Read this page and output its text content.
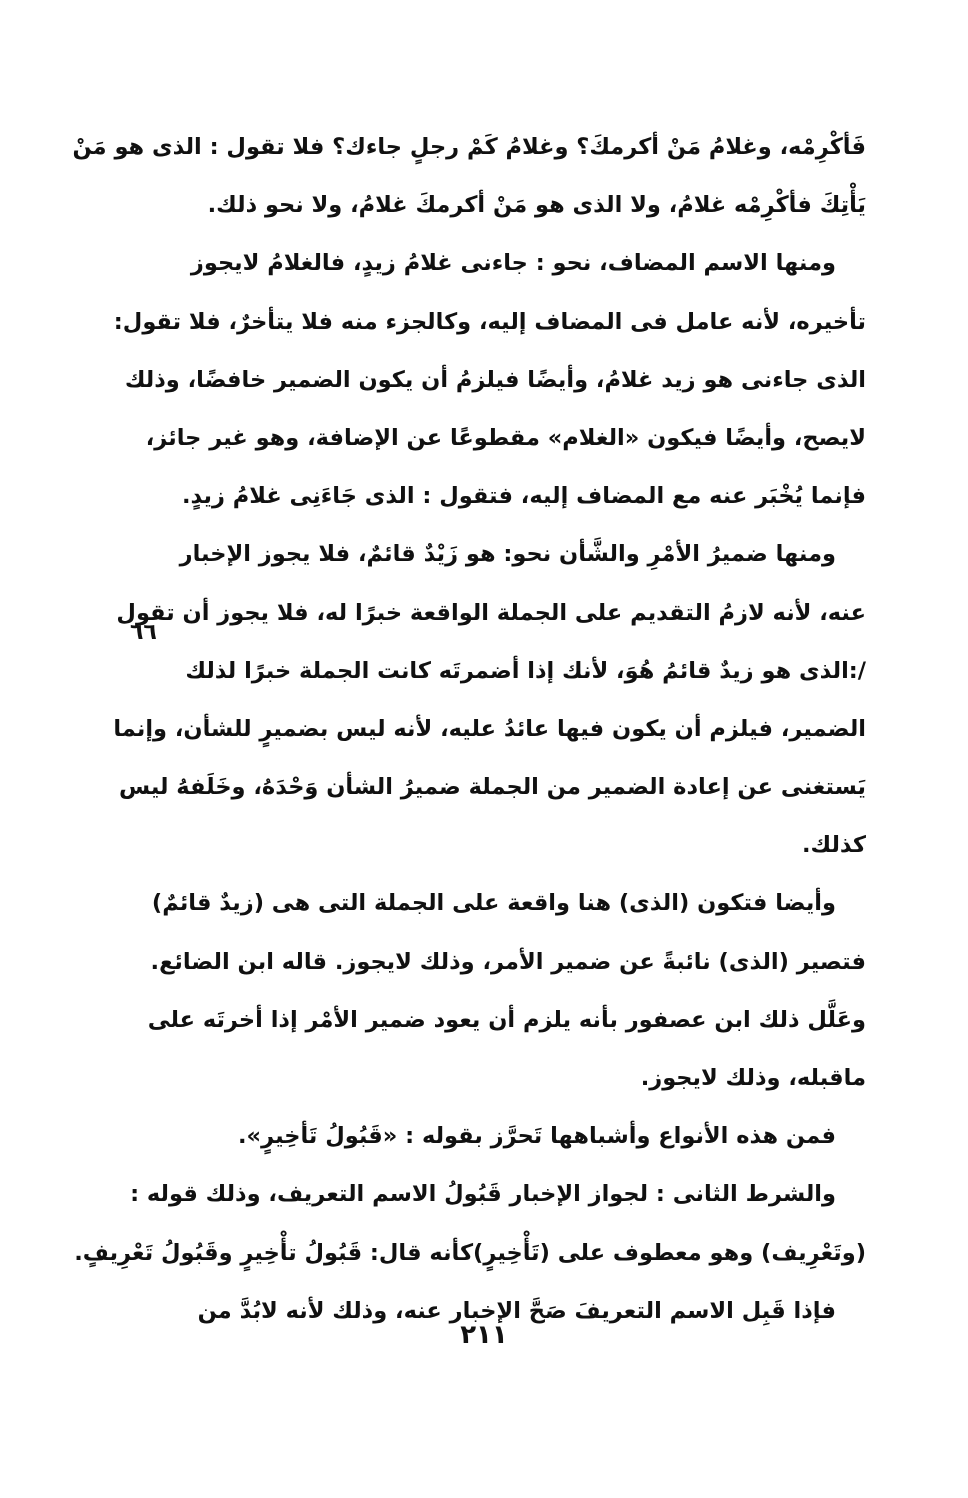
فَأكْرِمْه، وغلامُ مَنْ أكرمكَ؟ وغلامُ كَمْ رجلٍ جاءك؟ فلا تقول : الذى هو مَنْ
يَأْتِكَ فأكْرِمْه غلامُ، ولا الذى هو مَنْ أكرمكَ غلامُ، ولا نحو ذلك.
ومنها الاسم المضاف، نحو : جاءنى غلامُ زيدٍ، فالغلامُ لايجوز
تأخيره، لأنه عامل فى المضاف إليه، وكالجزء منه فلا يتأخرٌ، فلا تقول:
الذى جاءنى هو زيد غلامُ، وأيضًا فيلزمُ أن يكون الضمير خافضًا، وذلك
لايصح، وأيضًا فيكون «الغلام» مقطوعًا عن الإضافة، وهو غير جائز،
فإنما يُخْبَر عنه مع المضاف إليه، فتقول : الذى جَاءَنِى غلامُ زيدٍ.
ومنها ضميرُ الأمْرِ والشَّأن نحو: هو زَيْدٌ قائمٌ، فلا يجوز الإخبار
عنه، لأنه لازمُ التقديم على الجملة الواقعة خبرًا له، فلا يجوز أن تقول
/:الذى هو زيدٌ قائمُ هُوَ، لأنك إذا أضمرتَه كانت الجملة خبرًا لذلك
الضمير، فيلزم أن يكون فيها عائدُ عليه، لأنه ليس بضميرٍ للشأن، وإنما
يَستغنى عن إعادة الضمير من الجملة ضميرُ الشأن وَحْدَهُ، وخَلَفهُ ليس
كذلك.
وأيضا فتكون (الذى) هنا واقعة على الجملة التى هى (زيدٌ قائمٌ)
فتصير (الذى) نائبةً عن ضمير الأمر، وذلك لايجوز. قاله ابن الضائع.
وعَلَّل ذلك ابن عصفور بأنه يلزم أن يعود ضمير الأمْر إذا أخرتَه على
ماقبله، وذلك لايجوز.
فمن هذه الأنواع وأشباهها تَحرَّز بقوله : «قَبُولُ تَأخِيرٍ».
والشرط الثانى : لجواز الإخبار قَبُولُ الاسم التعريف، وذلك قوله :
(وتَعْرِيف) وهو معطوف على (تَأْخِيرٍ)كأنه قال: قَبُولُ تأْخِيرٍ وقَبُولُ تَعْرِيفٍ.
فإذا قَبِل الاسم التعريفَ صَحَّ الإخبار عنه، وذلك لأنه لابُدَّ من
٦٦
٢١١
